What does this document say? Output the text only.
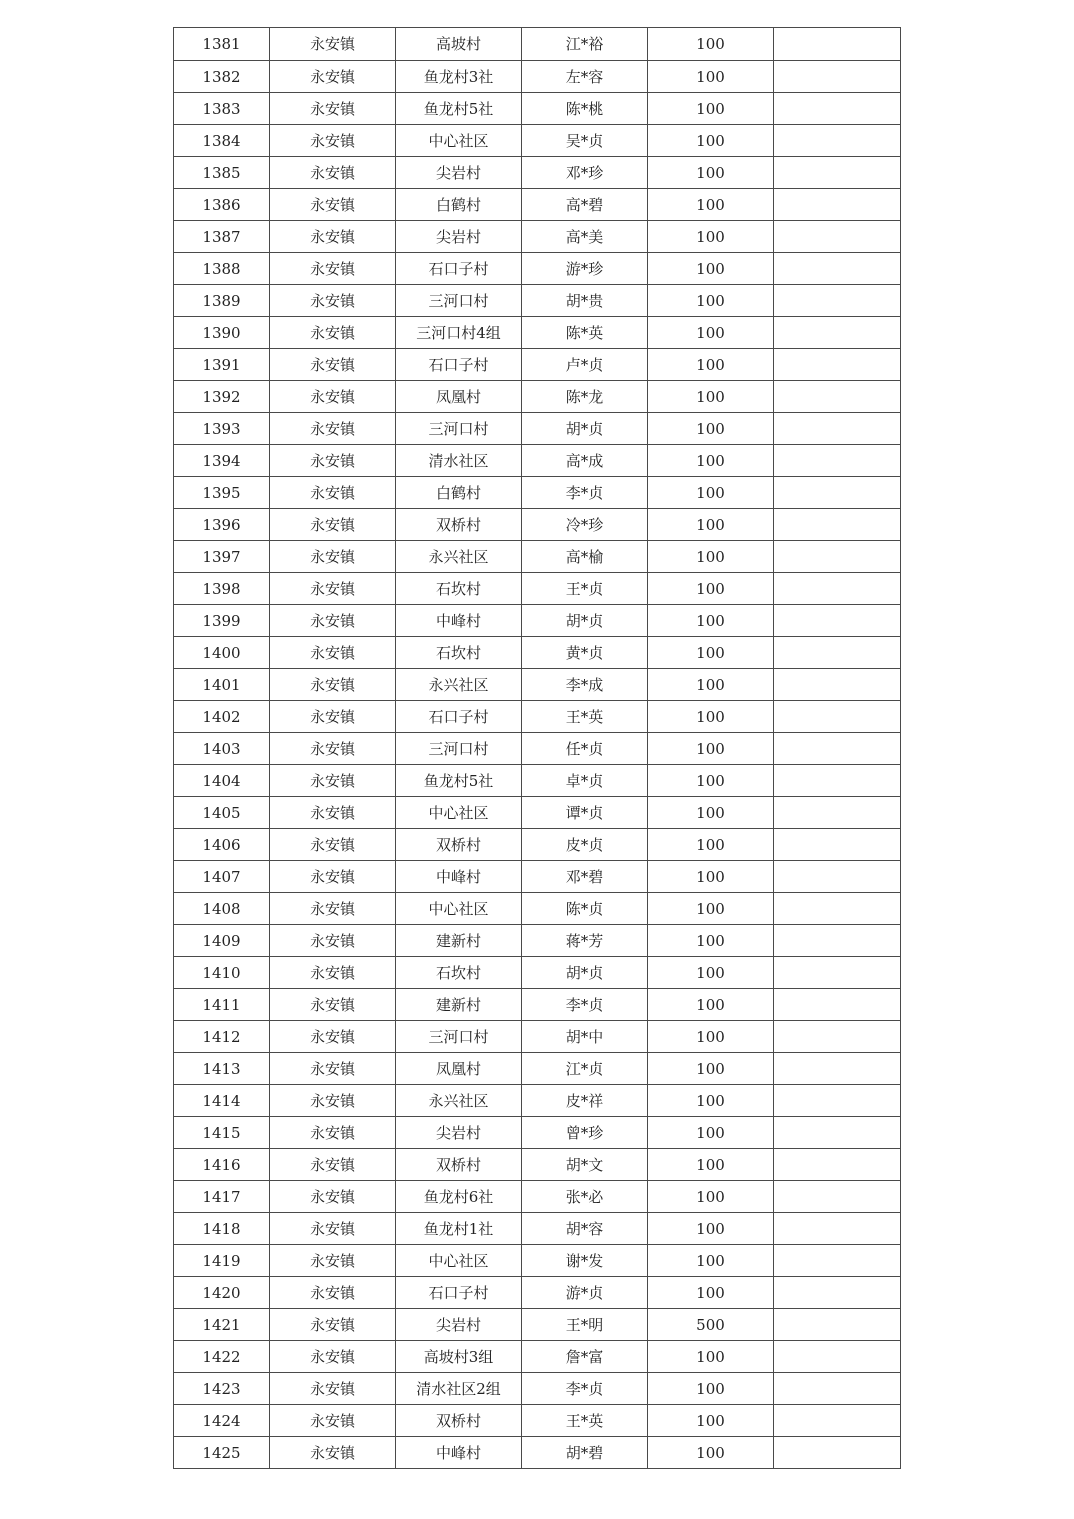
1381	永安镇	高坡村	江*裕	100	
1382	永安镇	鱼龙村3社	左*容	100	
1383	永安镇	鱼龙村5社	陈*桃	100	
1384	永安镇	中心社区	吴*贞	100	
1385	永安镇	尖岩村	邓*珍	100	
1386	永安镇	白鹤村	高*碧	100	
1387	永安镇	尖岩村	高*美	100	
1388	永安镇	石口子村	游*珍	100	
1389	永安镇	三河口村	胡*贵	100	
1390	永安镇	三河口村4组	陈*英	100	
1391	永安镇	石口子村	卢*贞	100	
1392	永安镇	凤凰村	陈*龙	100	
1393	永安镇	三河口村	胡*贞	100	
1394	永安镇	清水社区	高*成	100	
1395	永安镇	白鹤村	李*贞	100	
1396	永安镇	双桥村	冷*珍	100	
1397	永安镇	永兴社区	高*榆	100	
1398	永安镇	石坎村	王*贞	100	
1399	永安镇	中峰村	胡*贞	100	
1400	永安镇	石坎村	黄*贞	100	
1401	永安镇	永兴社区	李*成	100	
1402	永安镇	石口子村	王*英	100	
1403	永安镇	三河口村	任*贞	100	
1404	永安镇	鱼龙村5社	卓*贞	100	
1405	永安镇	中心社区	谭*贞	100	
1406	永安镇	双桥村	皮*贞	100	
1407	永安镇	中峰村	邓*碧	100	
1408	永安镇	中心社区	陈*贞	100	
1409	永安镇	建新村	蒋*芳	100	
1410	永安镇	石坎村	胡*贞	100	
1411	永安镇	建新村	李*贞	100	
1412	永安镇	三河口村	胡*中	100	
1413	永安镇	凤凰村	江*贞	100	
1414	永安镇	永兴社区	皮*祥	100	
1415	永安镇	尖岩村	曾*珍	100	
1416	永安镇	双桥村	胡*文	100	
1417	永安镇	鱼龙村6社	张*必	100	
1418	永安镇	鱼龙村1社	胡*容	100	
1419	永安镇	中心社区	谢*发	100	
1420	永安镇	石口子村	游*贞	100	
1421	永安镇	尖岩村	王*明	500	
1422	永安镇	高坡村3组	詹*富	100	
1423	永安镇	清水社区2组	李*贞	100	
1424	永安镇	双桥村	王*英	100	
1425	永安镇	中峰村	胡*碧	100	
